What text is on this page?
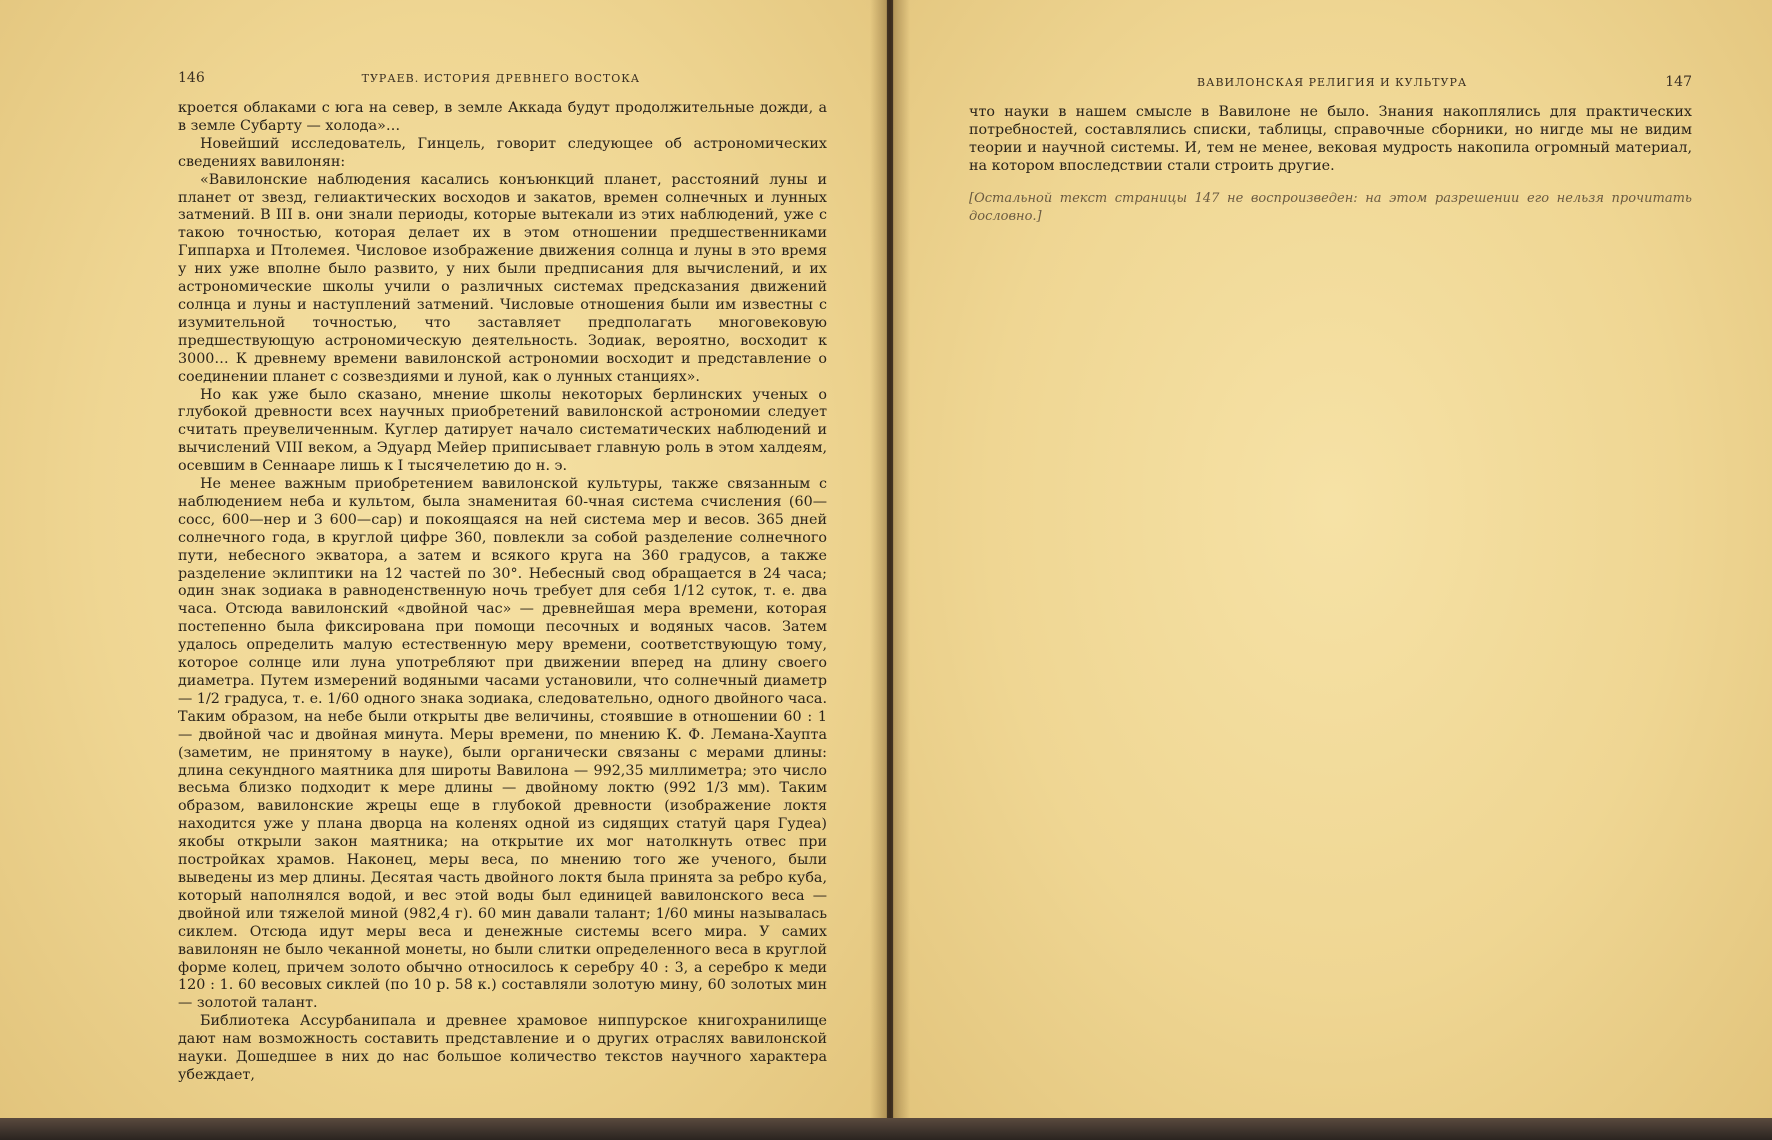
146	ТУРАЕВ. ИСТОРИЯ ДРЕВНЕГО ВОСТОКА

кроется облаками с юга на север, в земле Аккада будут продолжительные дожди, а в земле Субарту — холода»…

Новейший исследователь, Гинцель, говорит следующее об астрономических сведениях вавилонян:

«Вавилонские наблюдения касались конъюнкций планет, расстояний луны и планет от звезд, гелиактических восходов и закатов, времен солнечных и лунных затмений. В III в. они знали периоды, которые вытекали из этих наблюдений, уже с такою точностью, которая делает их в этом отношении предшественниками Гиппарха и Птолемея. Числовое изображение движения солнца и луны в это время у них уже вполне было развито, у них были предписания для вычислений, и их астрономические школы учили о различных системах предсказания движений солнца и луны и наступлений затмений. Числовые отношения были им известны с изумительной точностью, что заставляет предполагать многовековую предшествующую астрономическую деятельность. Зодиак, вероятно, восходит к 3000… К древнему времени вавилонской астрономии восходит и представление о соединении планет с созвездиями и луной, как о лунных станциях».

Но как уже было сказано, мнение школы некоторых берлинских ученых о глубокой древности всех научных приобретений вавилонской астрономии следует считать преувеличенным. Куглер датирует начало систематических наблюдений и вычислений VIII веком, а Эдуард Мейер приписывает главную роль в этом халдеям, осевшим в Сеннааре лишь к I тысячелетию до н. э.

Не менее важным приобретением вавилонской культуры, также связанным с наблюдением неба и культом, была знаменитая 60-чная система счисления (60—сосс, 600—нер и 3 600—сар) и покоящаяся на ней система мер и весов. 365 дней солнечного года, в круглой цифре 360, повлекли за собой разделение солнечного пути, небесного экватора, а затем и всякого круга на 360 градусов, а также разделение эклиптики на 12 частей по 30°. Небесный свод обращается в 24 часа; один знак зодиака в равноденственную ночь требует для себя 1/12 суток, т. е. два часа. Отсюда вавилонский «двойной час» — древнейшая мера времени, которая постепенно была фиксирована при помощи песочных и водяных часов. Затем удалось определить малую естественную меру времени, соответствующую тому, которое солнце или луна употребляют при движении вперед на длину своего диаметра. Путем измерений водяными часами установили, что солнечный диаметр — 1/2 градуса, т. е. 1/60 одного знака зодиака, следовательно, одного двойного часа. Таким образом, на небе были открыты две величины, стоявшие в отношении 60 : 1 — двойной час и двойная минута. Меры времени, по мнению К. Ф. Лемана-Хаупта (заметим, не принятому в науке), были органически связаны с мерами длины: длина секундного маятника для широты Вавилона — 992,35 миллиметра; это число весьма близко подходит к мере длины — двойному локтю (992 1/3 мм). Таким образом, вавилонские жрецы еще в глубокой древности (изображение локтя находится уже у плана дворца на коленях одной из сидящих статуй царя Гудеа) якобы открыли закон маятника; на открытие их мог натолкнуть отвес при постройках храмов. Наконец, меры веса, по мнению того же ученого, были выведены из мер длины. Десятая часть двойного локтя была принята за ребро куба, который наполнялся водой, и вес этой воды был единицей вавилонского веса — двойной или тяжелой миной (982,4 г). 60 мин давали талант; 1/60 мины называлась сиклем. Отсюда идут меры веса и денежные системы всего мира. У самих вавилонян не было чеканной монеты, но были слитки определенного веса в круглой форме колец, причем золото обычно относилось к серебру 40 : 3, а серебро к меди 120 : 1. 60 весовых сиклей (по 10 р. 58 к.) составляли золотую мину, 60 золотых мин — золотой талант.

Библиотека Ассурбанипала и древнее храмовое ниппурское книгохранилище дают нам возможность составить представление и о других отраслях вавилонской науки. Дошедшее в них до нас большое количество текстов научного характера убеждает,

ВАВИЛОНСКАЯ РЕЛИГИЯ И КУЛЬТУРА	147

что науки в нашем смысле в Вавилоне не было. Знания накоплялись для практических потребностей, составлялись списки, таблицы, справочные сборники, но нигде мы не видим теории и научной системы. И, тем не менее, вековая мудрость накопила огромный материал, на котором впоследствии стали строить другие.

[Остальной текст страницы 147 не воспроизведен: на этом разрешении его нельзя прочитать дословно.]
